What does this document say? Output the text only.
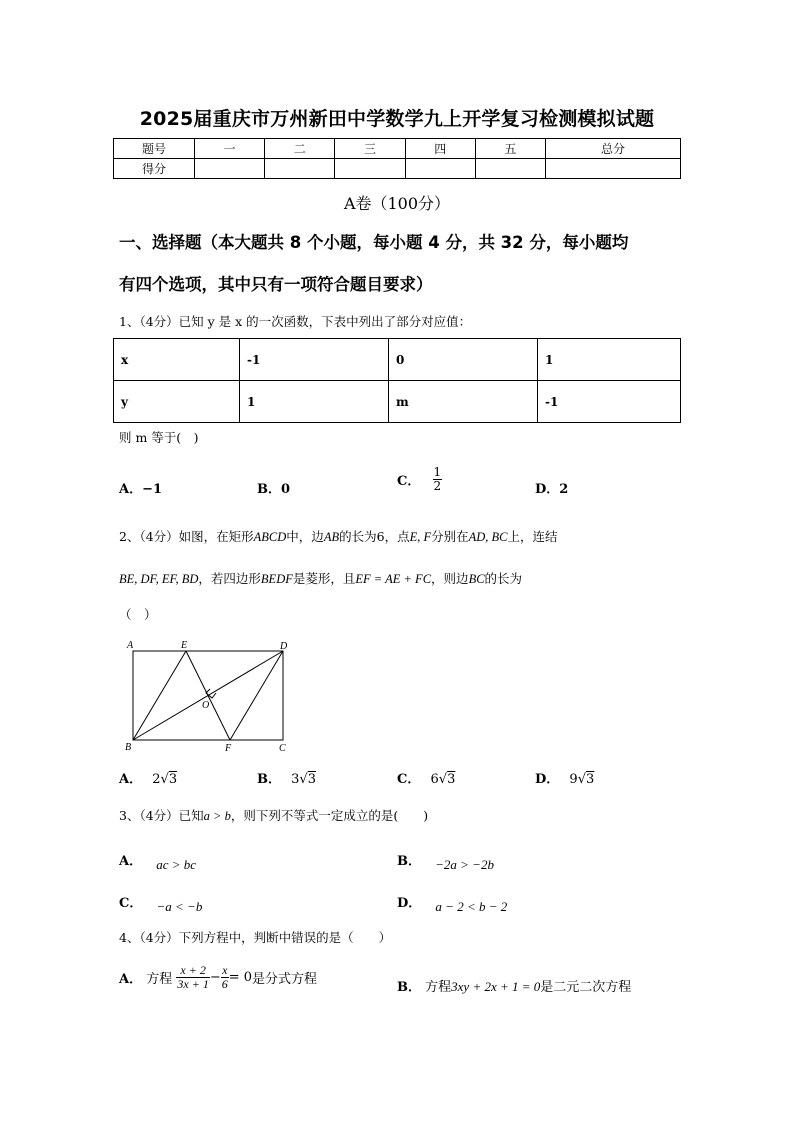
2025届重庆市万州新田中学数学九上开学复习检测模拟试题
题号	一	二	三	四	五	总分
得分						
A卷（100分）
一、选择题（本大题共 8 个小题，每小题 4 分，共 32 分，每小题均
有四个选项，其中只有一项符合题目要求）
1、（4分）已知 y 是 x 的一次函数，下表中列出了部分对应值：
x	-1	0	1
y	1	m	-1
则 m 等于(　)
A．−1	B．0
C． $\frac{1}{2}$	D．2
2、（4分）如图，在矩形ABCD中，边AB的长为6，点E, F分别在AD, BC上，连结
BE, DF, EF, BD，若四边形BEDF是菱形，且EF = AE + FC，则边BC的长为
（　）
A	E	D
O
B	F	C
A． 2√3	B． 3√3	C． 6√3	D． 9√3
3、（4分）已知a > b，则下列不等式一定成立的是(　　)
A． ac > bc	B． −2a > −2b
C． −a < −b	D． a − 2 < b − 2
4、（4分）下列方程中，判断中错误的是（　　）
A． 方程 $\frac{x + 2}{3x + 1} - \frac{x}{6} = 0$是分式方程
B． 方程3xy + 2x + 1 = 0是二元二次方程
